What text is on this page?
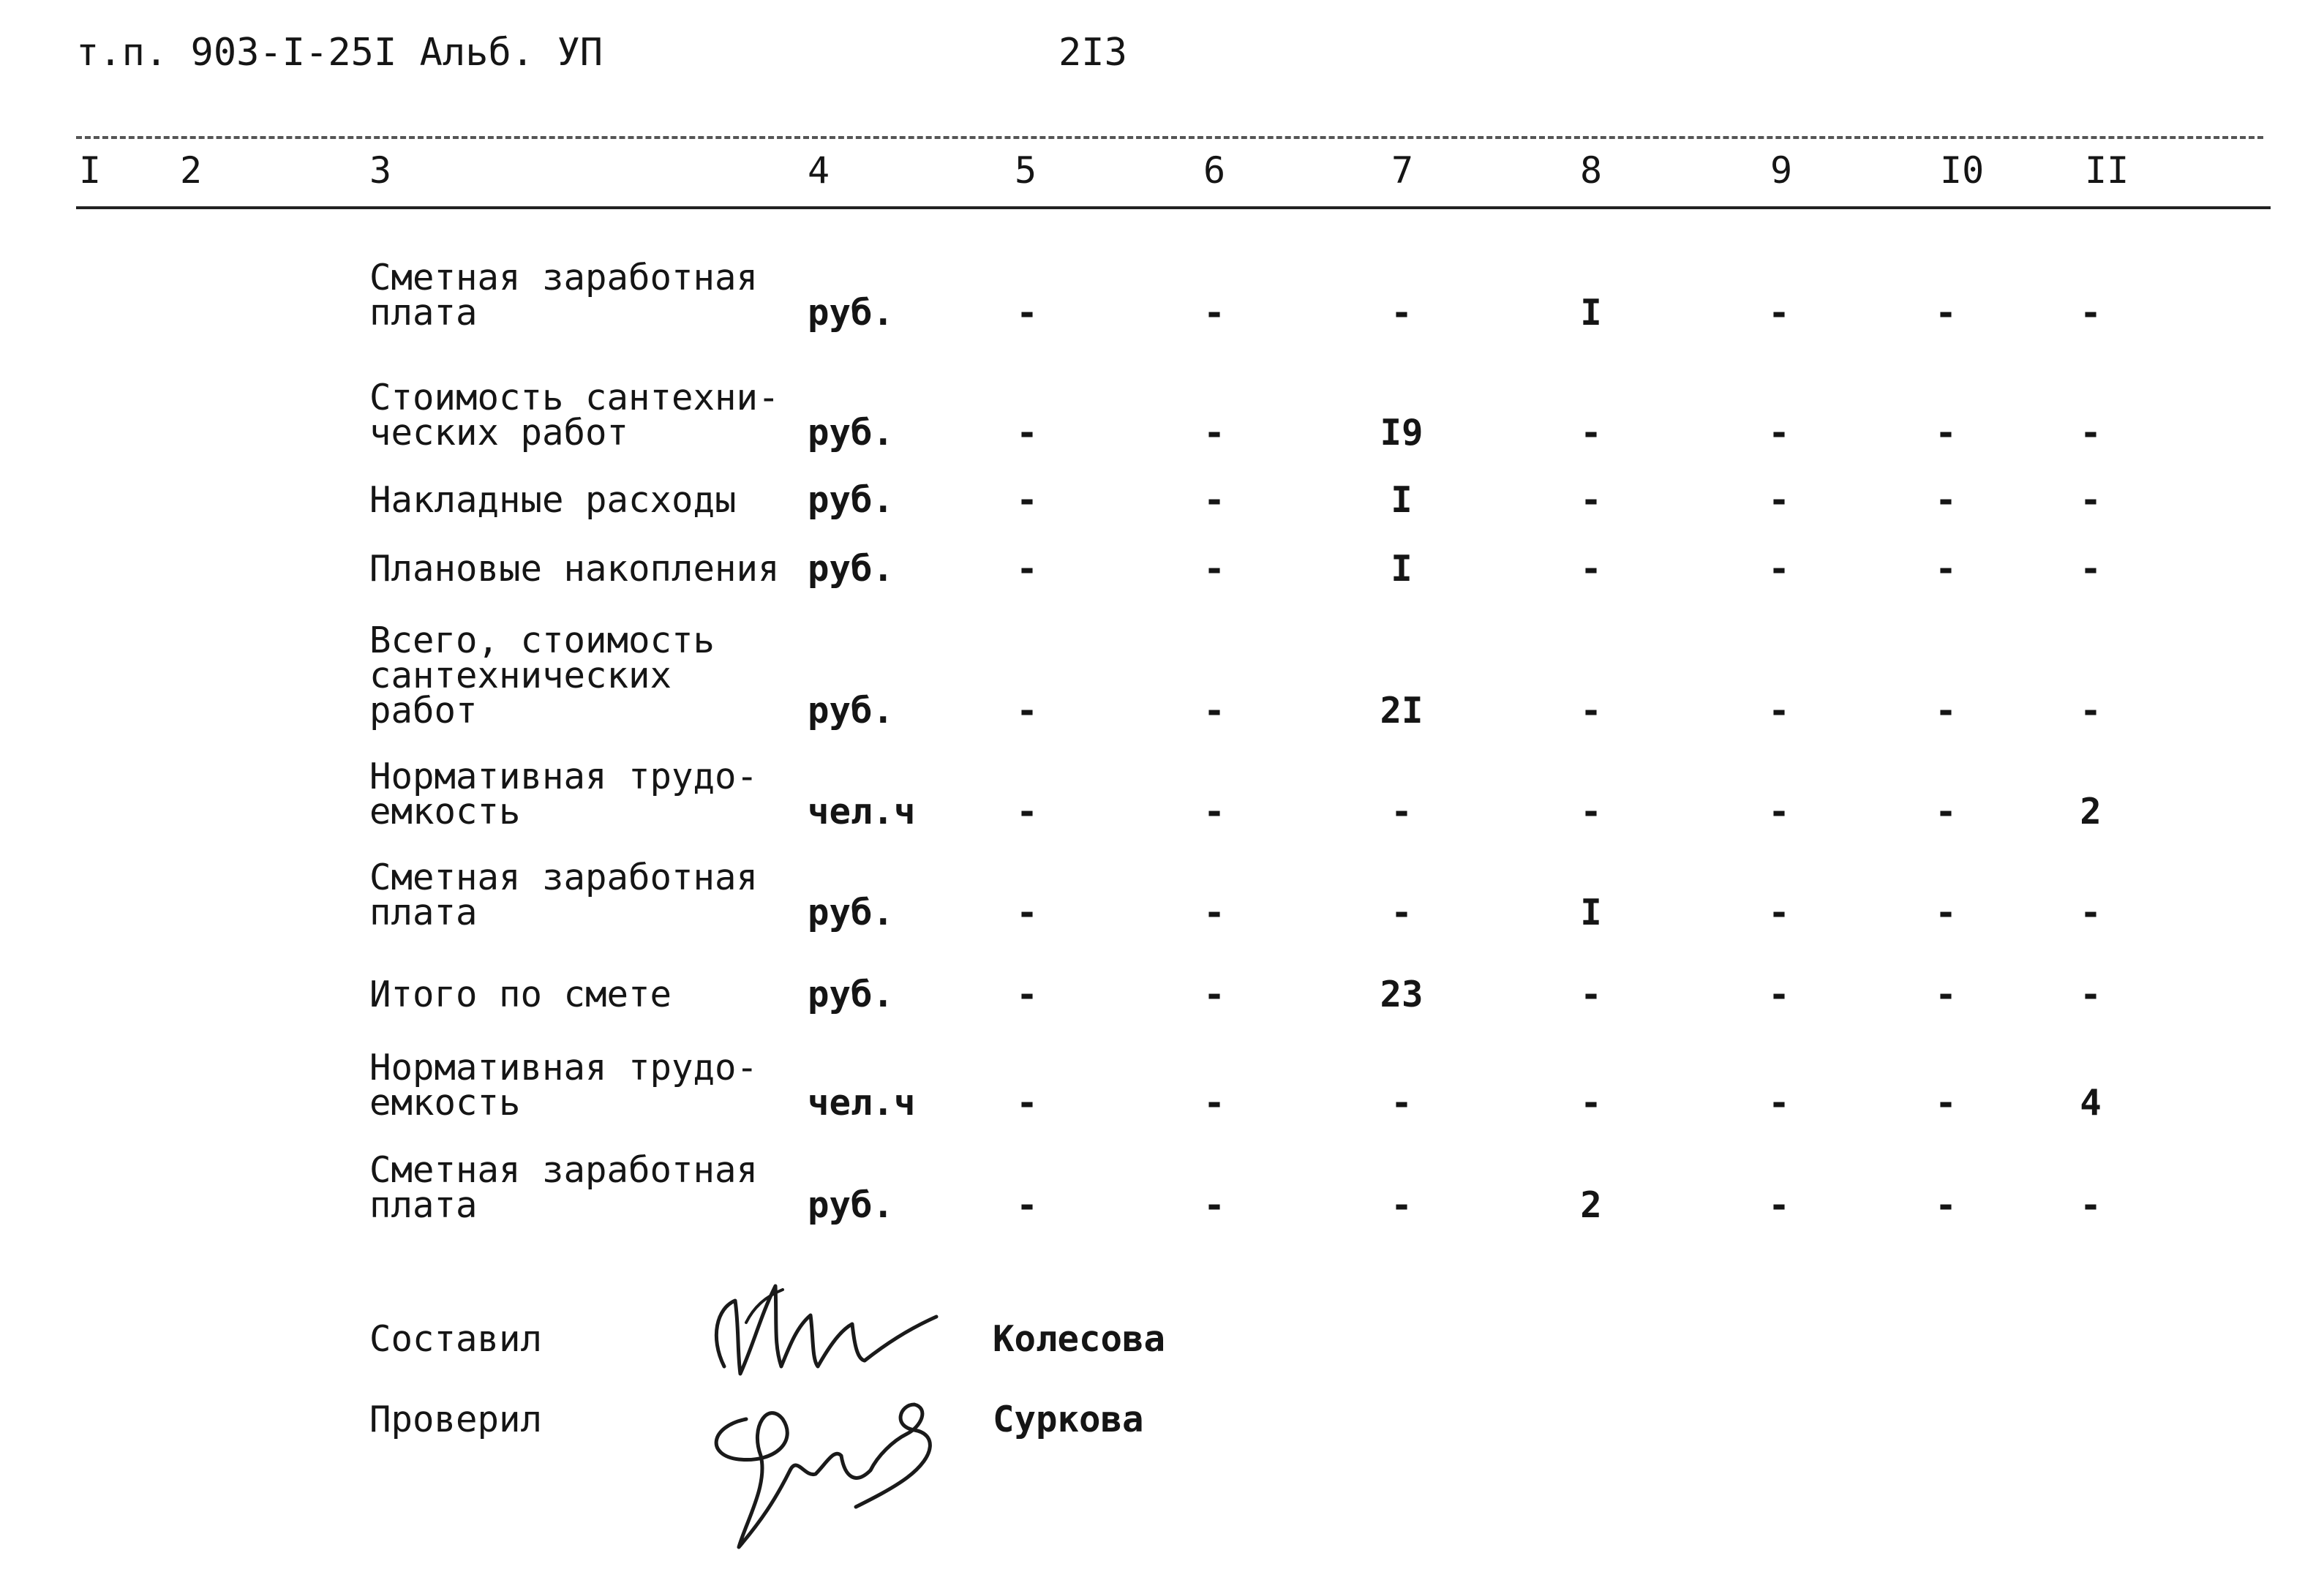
т.п. 903-I-25I Альб. УП	2I3
I 2	3	4	5	6	7	8	9	I0	II
Сметная заработная
плата	руб.	-	-	-	I	-	-	-
Стоимость сантехни-
ческих работ	руб.	-	-	I9	-	-	-	-
Накладные расходы руб.	-	-	I	-	-	-	-
Плановые накопления руб.	-	-	I	-	-	-	-
Всего, стоимость
сантехнических
работ	руб.	-	-	2I	-	-	-	-
Нормативная трудо-
емкость	чел.ч	-	-	-	-	-	-	2
Сметная заработная
плата	руб.	-	-	-	I	-	-	-
Итого по смете	руб.	-	-	23	-	-	-	-
Нормативная трудо-
емкость	чел.ч	-	-	-	-	-	-	4
Сметная заработная
плата	руб.	-	-	-	2	-	-	-
Составил	Колесова
Проверил	Суркова
